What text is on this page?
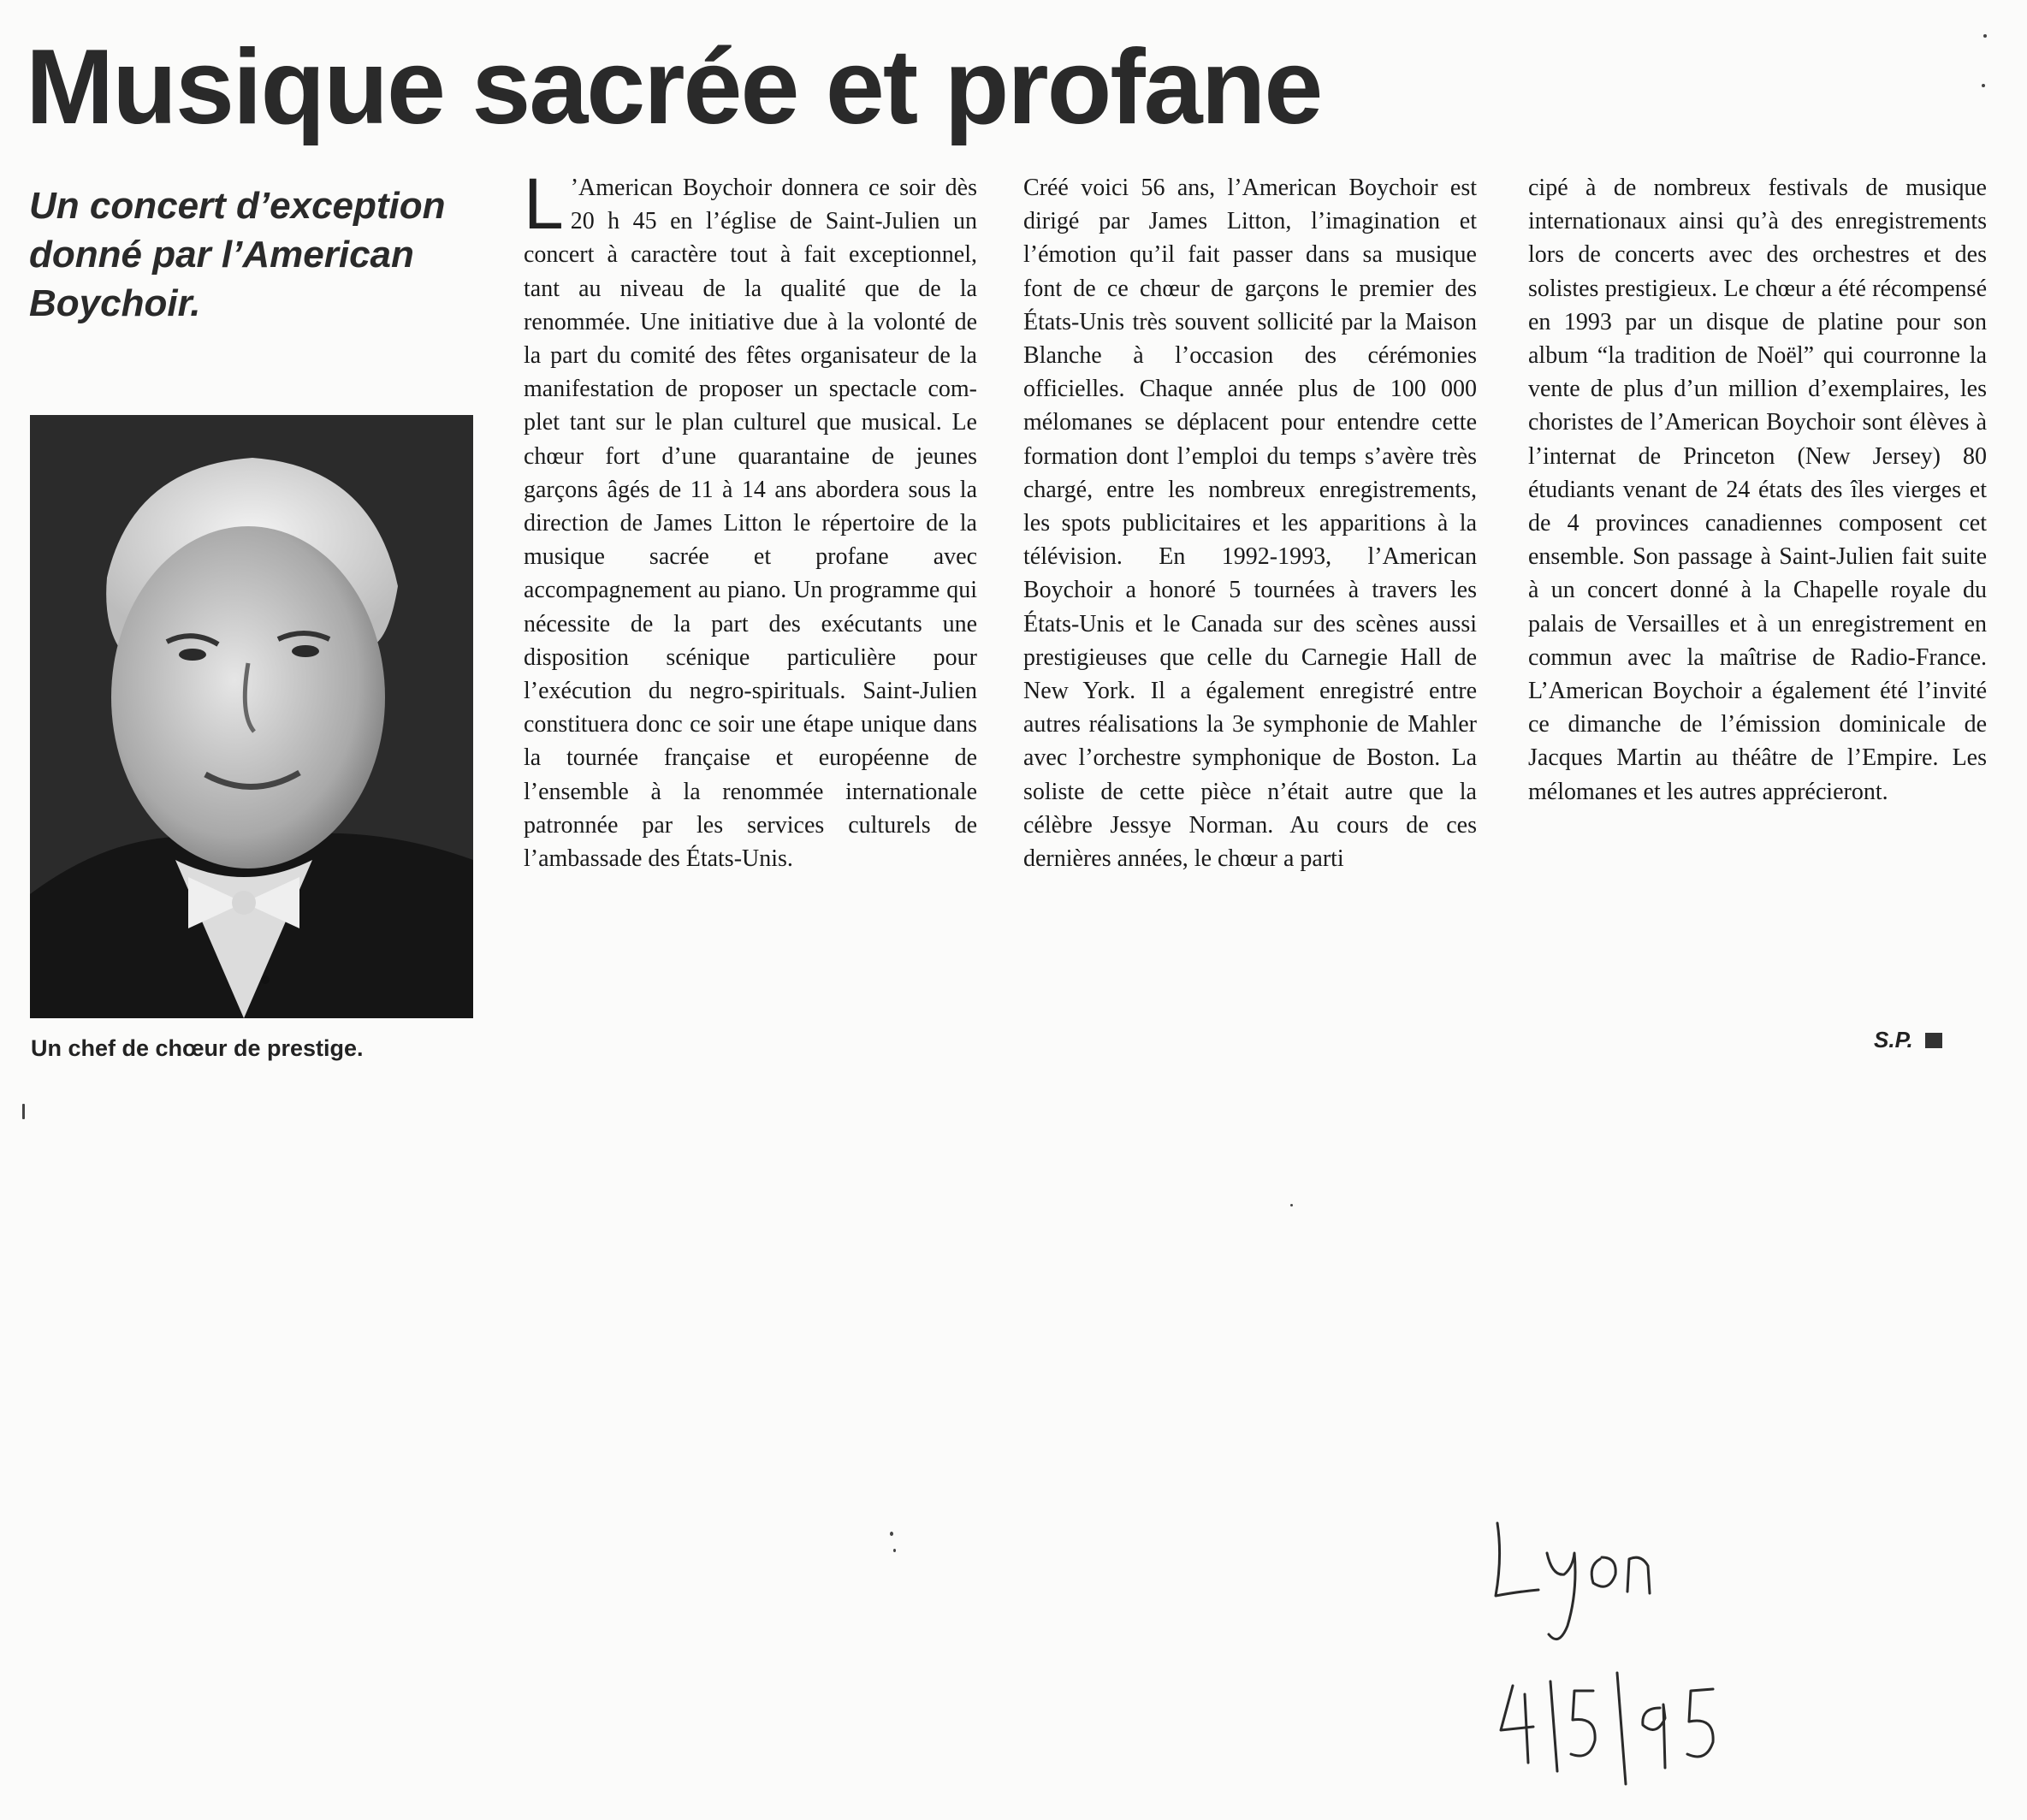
Musique sacrée et profane

Un concert d’exception donné par l’American Boychoir.

Un chef de chœur de prestige.

L ’American Boychoir donnera ce soir dès 20 h 45 en l’église de Saint-Julien un concert à caractère tout à fait exceptionnel, tant au niveau de la qualité que de la renommée. Une initiative due à la volonté de la part du comité des fêtes organisateur de la manifestation de proposer un spectacle complet tant sur le plan culturel que musical. Le chœur fort d’une quarantaine de jeunes garçons âgés de 11 à 14 ans abordera sous la direction de James Litton le répertoire de la musique sacrée et profane avec accompagnement au piano. Un programme qui nécessite de la part des exécutants une disposition scénique particulière pour l’exécution du negro-spirituals. Saint-Julien constituera donc ce soir une étape unique dans la tournée française et européenne de l’ensemble à la renommée internationale patronnée par les services culturels de l’ambassade des États-Unis.

Créé voici 56 ans, l’American Boychoir est dirigé par James Litton, l’imagination et l’émotion qu’il fait passer dans sa musique font de ce chœur de garçons le premier des États-Unis très souvent sollicité par la Maison Blanche à l’occasion des cérémonies officielles. Chaque année plus de 100 000 mélomanes se déplacent pour entendre cette formation dont l’emploi du temps s’avère très chargé, entre les nombreux enregistrements, les spots publicitaires et les apparitions à la télévision. En 1992-1993, l’American Boychoir a honoré 5 tournées à travers les États-Unis et le Canada sur des scènes aussi prestigieuses que celle du Carnegie Hall de New York. Il a également enregistré entre autres réalisations la 3e symphonie de Mahler avec l’orchestre symphonique de Boston. La soliste de cette pièce n’était autre que la célèbre Jessye Norman. Au cours de ces dernières années, le chœur a parti

cipé à de nombreux festivals de musique internationaux ainsi qu’à des enregistrements lors de concerts avec des orchestres et des solistes prestigieux. Le chœur a été récompensé en 1993 par un disque de platine pour son album “la tradition de Noël” qui courronne la vente de plus d’un million d’exemplaires, les choristes de l’American Boychoir sont élèves à l’internat de Princeton (New Jersey) 80 étudiants venant de 24 états des îles vierges et de 4 provinces canadiennes composent cet ensemble. Son passage à Saint-Julien fait suite à un concert donné à la Chapelle royale du palais de Versailles et à un enregistrement en commun avec la maîtrise de Radio-France. L’American Boychoir a également été l’invité ce dimanche de l’émission dominicale de Jacques Martin au théâtre de l’Empire. Les mélomanes et les autres apprécieront.

S.P.
